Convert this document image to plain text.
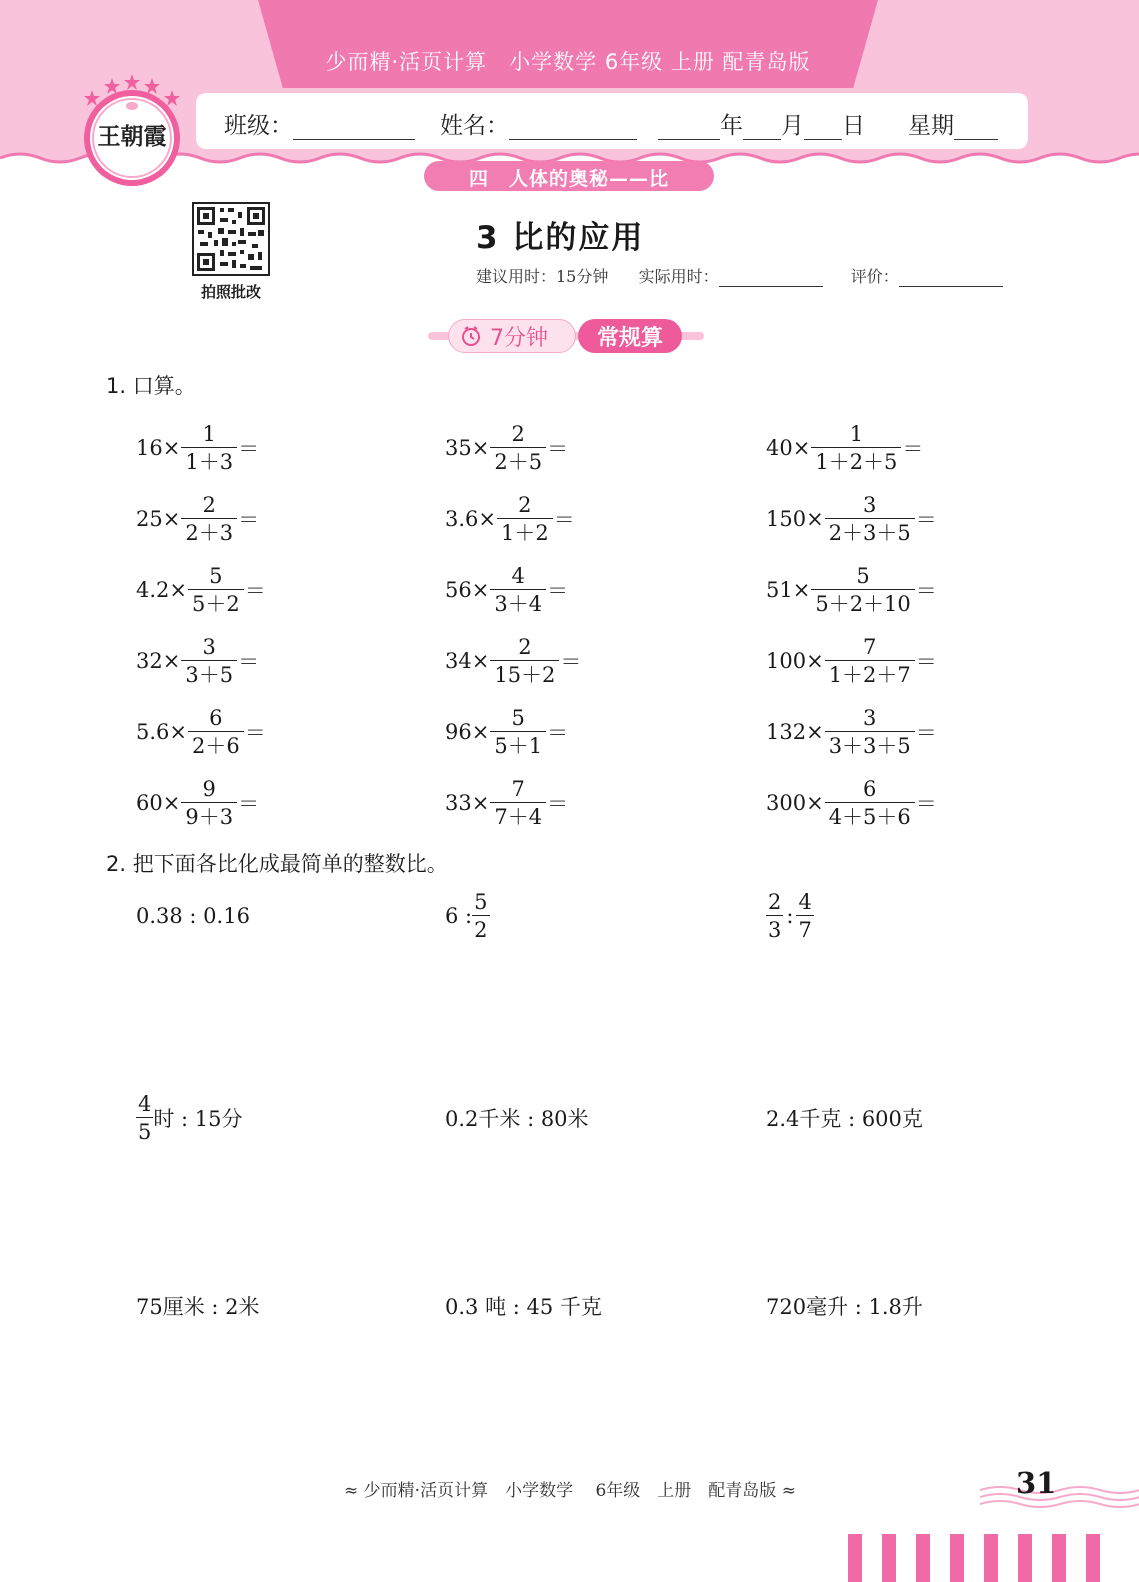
少而精·活页计算　小学数学 6年级 上册 配青岛版
班级：	姓名：	年 月 日 星期
四　人体的奥秘——比
王朝霞
拍照批改
3 比的应用
建议用时：15分钟 实际用时：	评价：
7分钟	常规算
1. 口算。
$16\times \frac{1}{1+3}$ ＝	$35\times \frac{2}{2+5}$ ＝	$40\times \frac{1}{1+2+5}$ ＝
$25\times \frac{2}{2+3}$ ＝	$3.6\times \frac{2}{1+2}$ ＝	$150\times \frac{3}{2+3+5}$ ＝
$4.2\times \frac{5}{5+2}$ ＝	$56\times \frac{4}{3+4}$ ＝	$51\times \frac{5}{5+2+10}$ ＝
$32\times \frac{3}{3+5}$ ＝	$34\times \frac{2}{15+2}$ ＝	$100\times \frac{7}{1+2+7}$ ＝
$5.6\times \frac{6}{2+6}$ ＝	$96\times \frac{5}{5+1}$ ＝	$132\times \frac{3}{3+3+5}$ ＝
$60\times \frac{9}{9+3}$ ＝	$33\times \frac{7}{7+4}$ ＝	$300\times \frac{6}{4+5+6}$ ＝
2. 把下面各比化成最简单的整数比。
0.38 : 0.16	6 : $\frac{5}{2}$	$\frac{2}{3}$ : $\frac{4}{7}$
$\frac{4}{5}$ 时 : 15分	0.2千米 : 80米	2.4千克 : 600克
75厘米 : 2米	0.3 吨 : 45 千克	720毫升 : 1.8升
≈ 少而精·活页计算　小学数学　 6年级　上册　配青岛版 ≈	31
